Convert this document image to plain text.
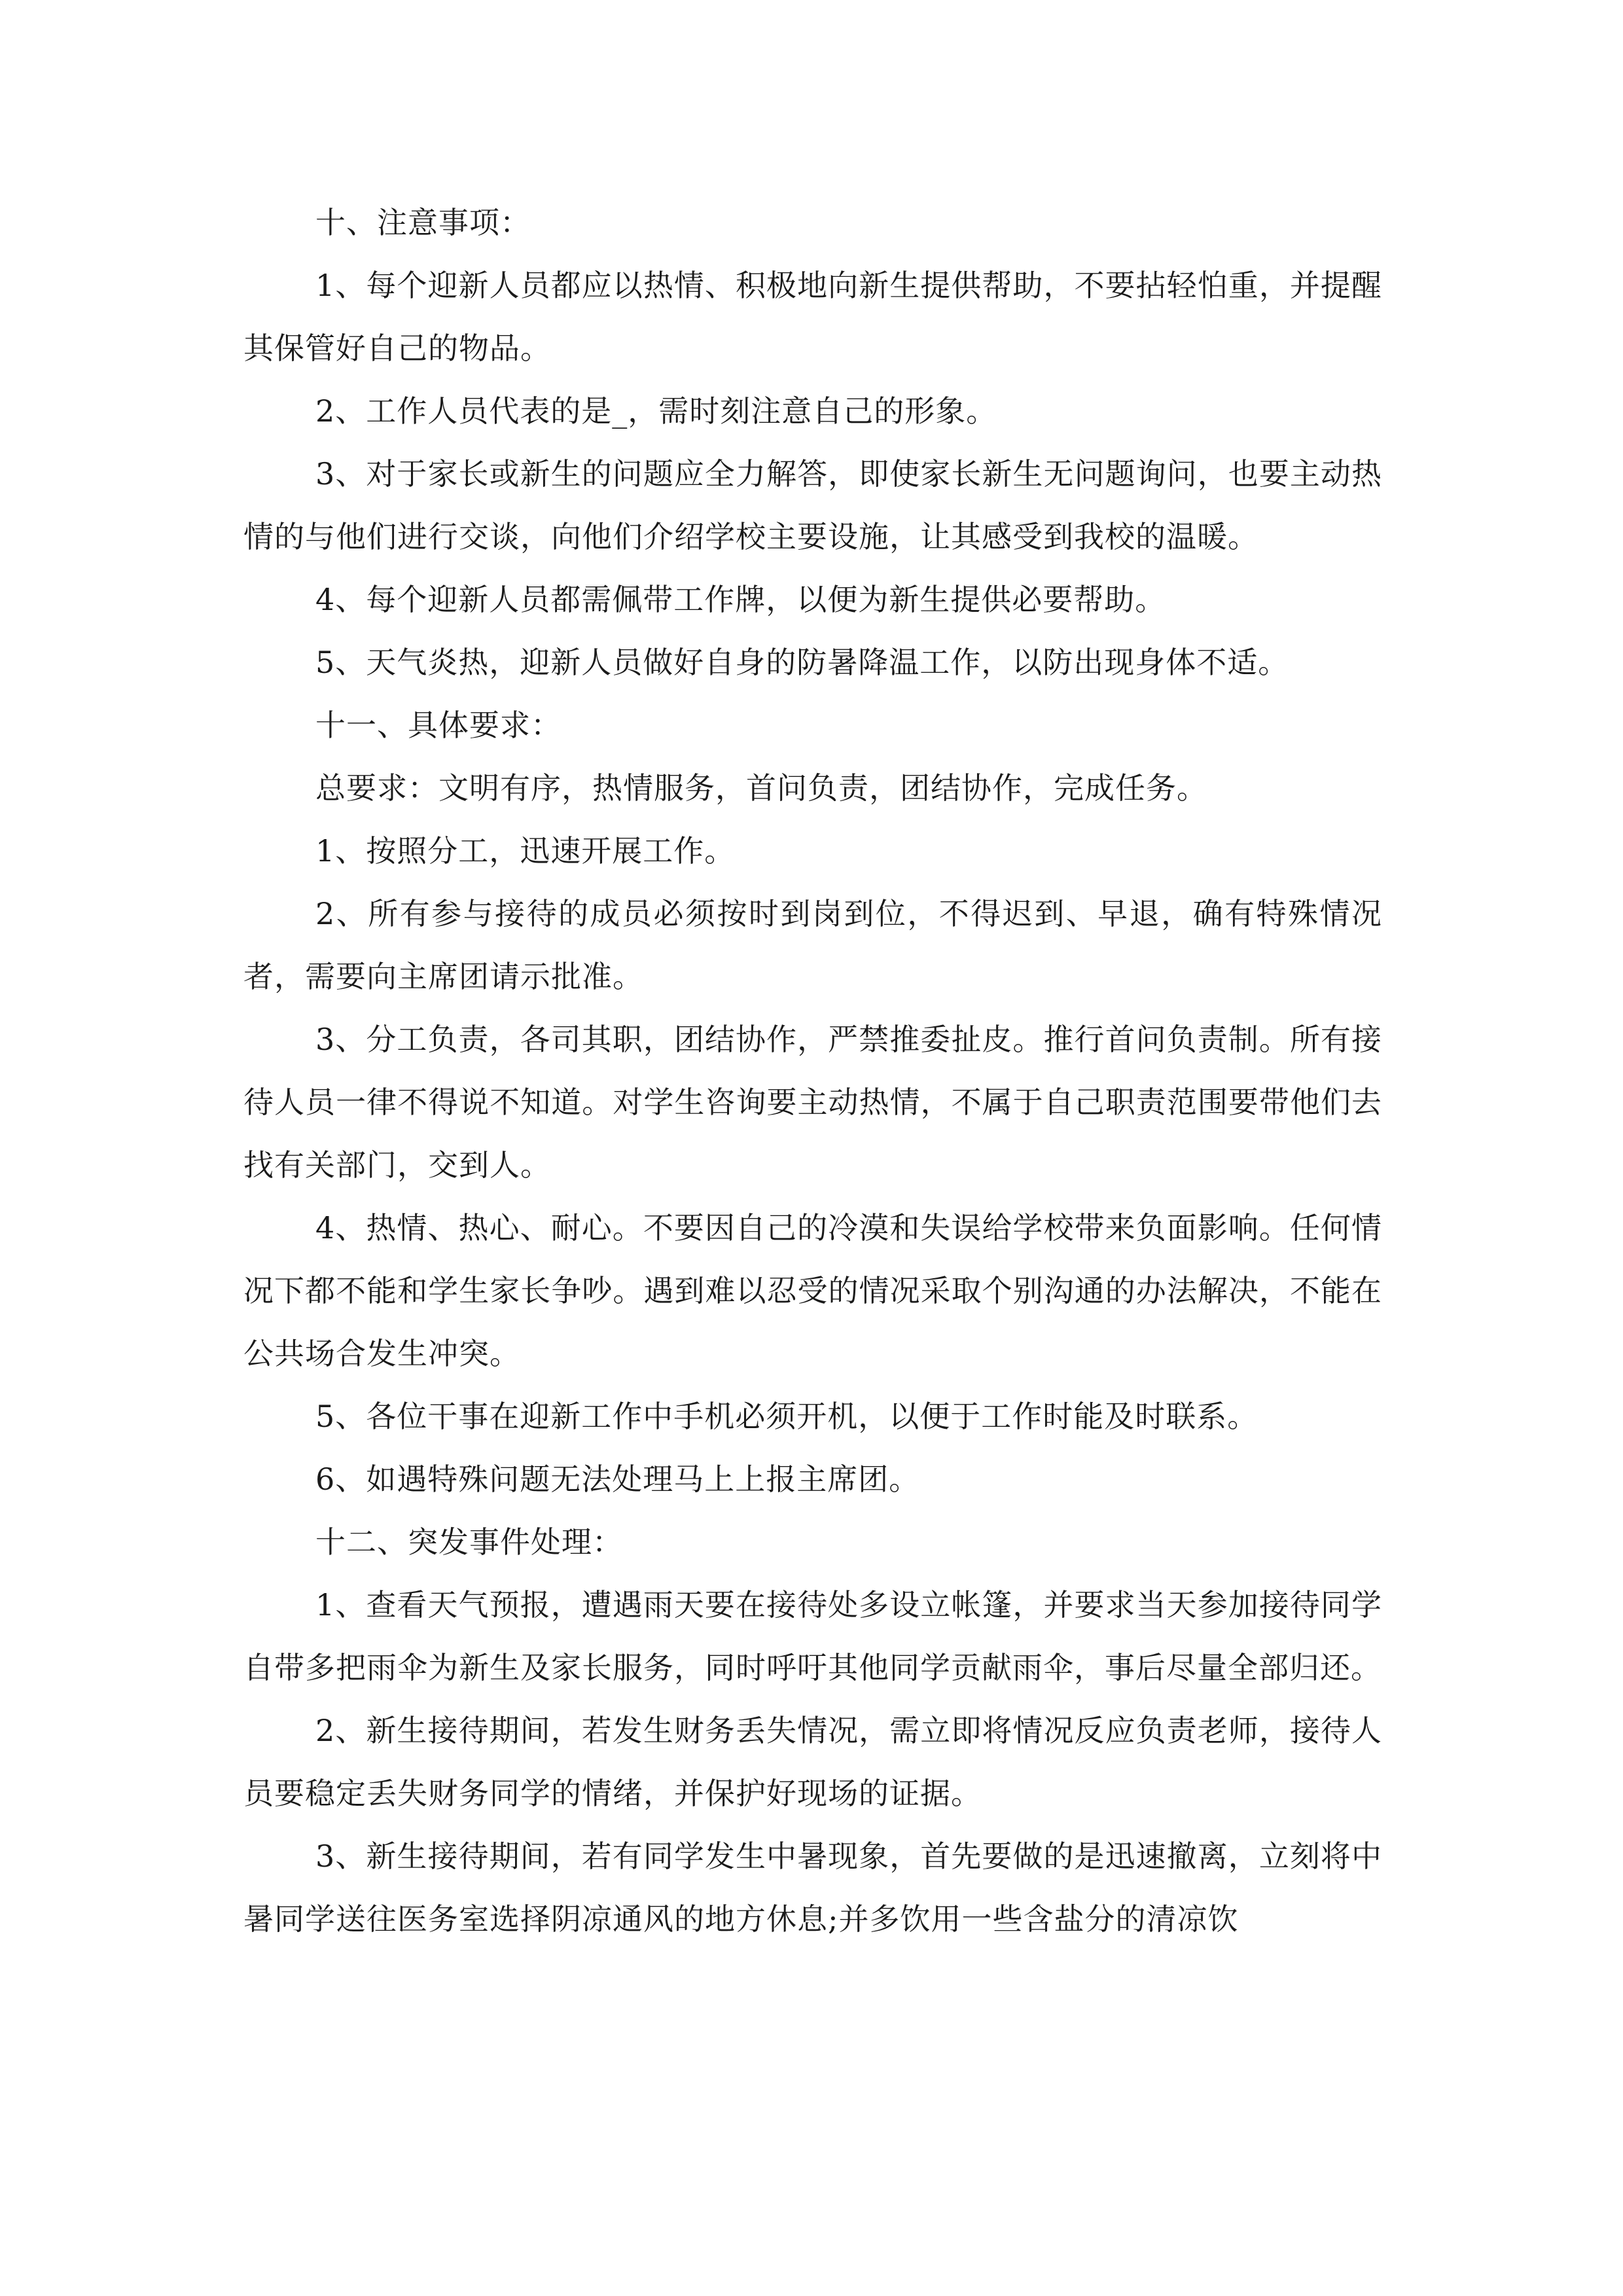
十、注意事项：

1、每个迎新人员都应以热情、积极地向新生提供帮助，不要拈轻怕重，并提醒其保管好自己的物品。

2、工作人员代表的是_，需时刻注意自己的形象。

3、对于家长或新生的问题应全力解答，即使家长新生无问题询问，也要主动热情的与他们进行交谈，向他们介绍学校主要设施，让其感受到我校的温暖。

4、每个迎新人员都需佩带工作牌，以便为新生提供必要帮助。

5、天气炎热，迎新人员做好自身的防暑降温工作，以防出现身体不适。

十一、具体要求：

总要求：文明有序，热情服务，首问负责，团结协作，完成任务。

1、按照分工，迅速开展工作。

2、所有参与接待的成员必须按时到岗到位，不得迟到、早退，确有特殊情况者，需要向主席团请示批准。

3、分工负责，各司其职，团结协作，严禁推委扯皮。推行首问负责制。所有接待人员一律不得说不知道。对学生咨询要主动热情，不属于自己职责范围要带他们去找有关部门，交到人。

4、热情、热心、耐心。不要因自己的冷漠和失误给学校带来负面影响。任何情况下都不能和学生家长争吵。遇到难以忍受的情况采取个别沟通的办法解决，不能在公共场合发生冲突。

5、各位干事在迎新工作中手机必须开机，以便于工作时能及时联系。

6、如遇特殊问题无法处理马上上报主席团。

十二、突发事件处理：

1、查看天气预报，遭遇雨天要在接待处多设立帐篷，并要求当天参加接待同学自带多把雨伞为新生及家长服务，同时呼吁其他同学贡献雨伞，事后尽量全部归还。

2、新生接待期间，若发生财务丢失情况，需立即将情况反应负责老师，接待人员要稳定丢失财务同学的情绪，并保护好现场的证据。

3、新生接待期间，若有同学发生中暑现象，首先要做的是迅速撤离，立刻将中暑同学送往医务室选择阴凉通风的地方休息;并多饮用一些含盐分的清凉饮
